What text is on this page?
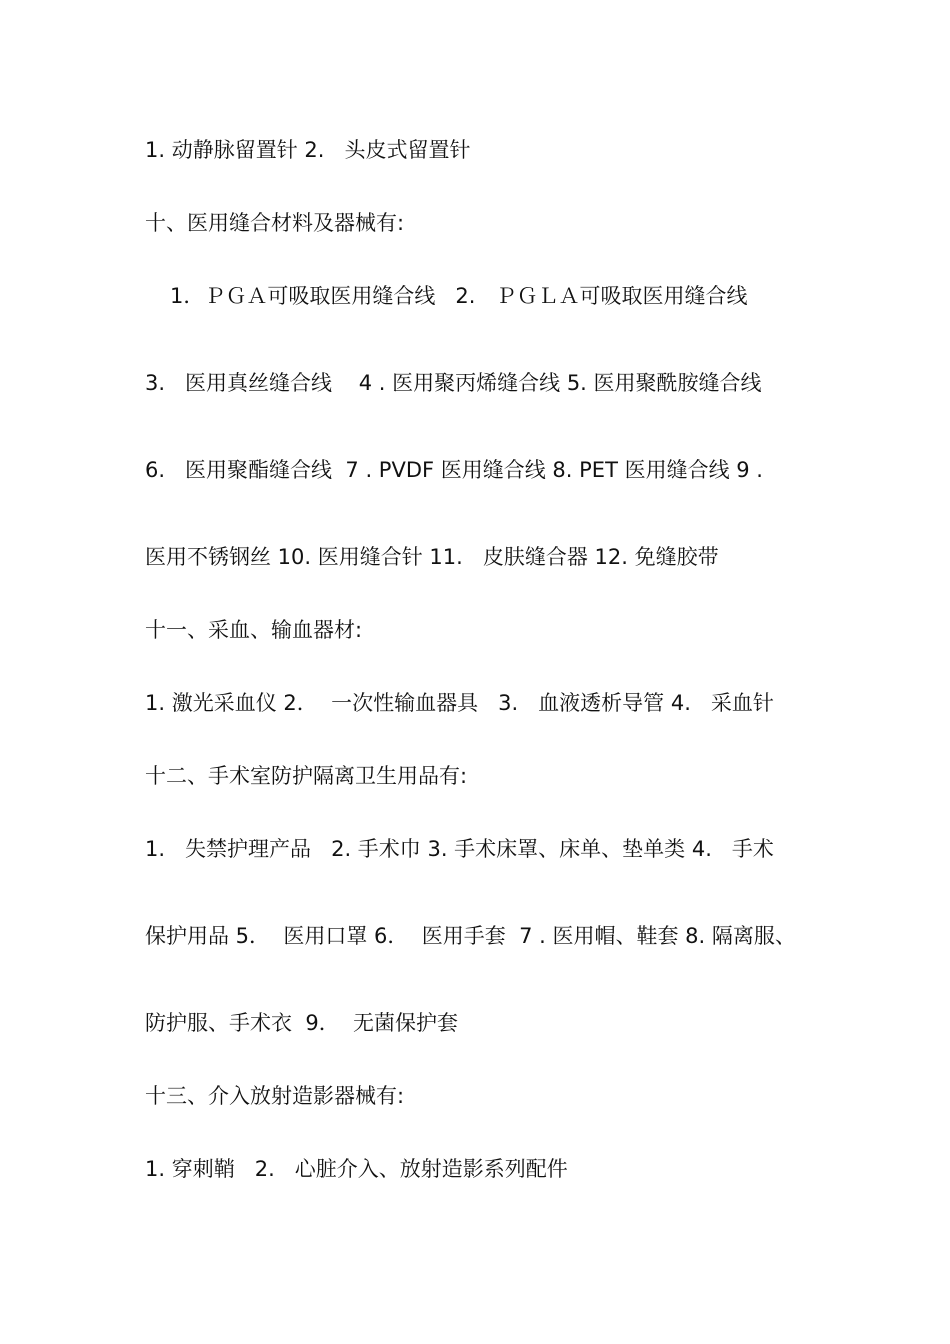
1. 动静脉留置针 2.   头皮式留置针

十、医用缝合材料及器械有:

1．ＰＧＡ可吸取医用缝合线   2.   ＰＧＬＡ可吸取医用缝合线

3.   医用真丝缝合线    4 . 医用聚丙烯缝合线 5. 医用聚酰胺缝合线

6.   医用聚酯缝合线  7 . PVDF 医用缝合线 8. PET 医用缝合线 9 .

医用不锈钢丝 10. 医用缝合针 11.   皮肤缝合器 12. 免缝胶带

十一、采血、输血器材:

1. 激光采血仪 2．  一次性输血器具   3.   血液透析导管 4.   采血针

十二、手术室防护隔离卫生用品有:

1.   失禁护理产品   2. 手术巾 3. 手术床罩、床单、垫单类 4.   手术

保护用品 5．  医用口罩 6．  医用手套  7 . 医用帽、鞋套 8. 隔离服、

防护服、手术衣  9．  无菌保护套

十三、介入放射造影器械有:

1. 穿刺鞘   2.   心脏介入、放射造影系列配件
